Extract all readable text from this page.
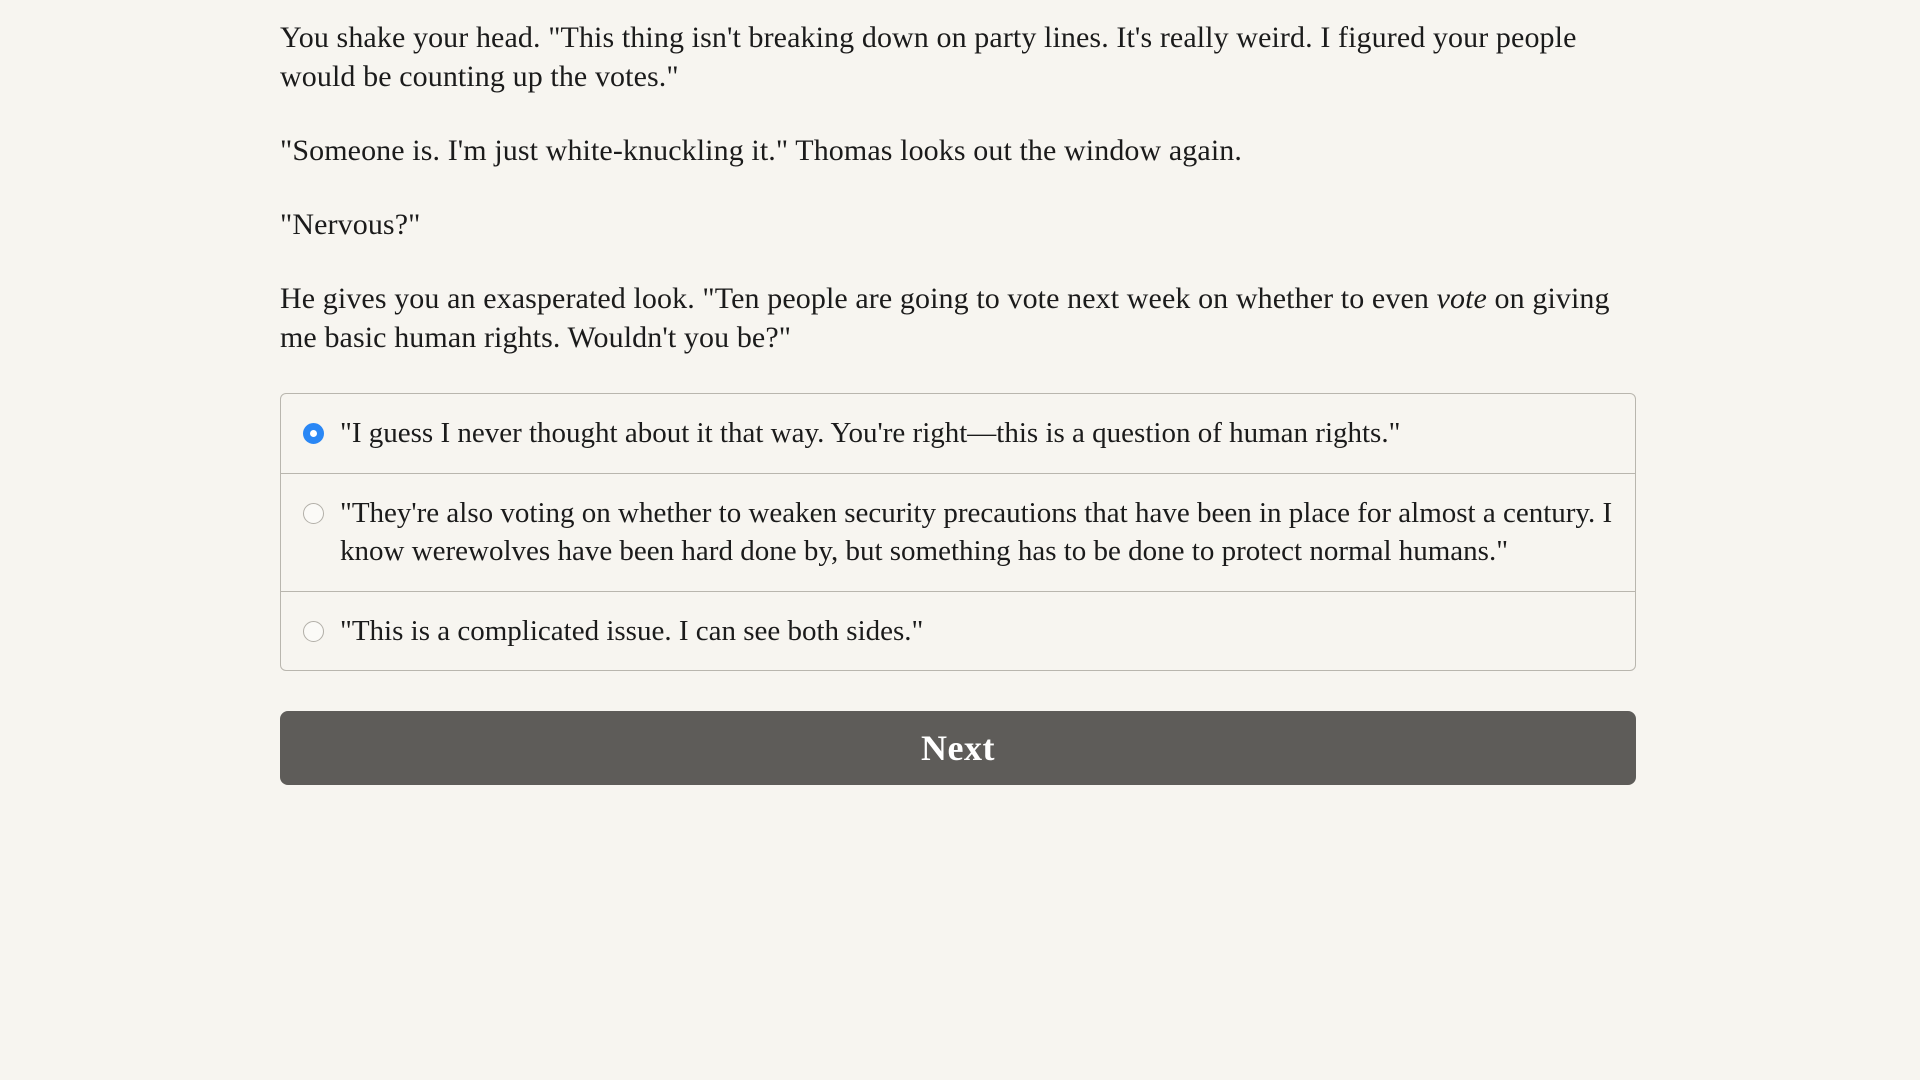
You shake your head. "This thing isn't breaking down on party lines. It's really weird. I figured your people would be counting up the votes."

"Someone is. I'm just white-knuckling it." Thomas looks out the window again.

"Nervous?"

He gives you an exasperated look. "Ten people are going to vote next week on whether to even vote on giving me basic human rights. Wouldn't you be?"

"I guess I never thought about it that way. You're right—this is a question of human rights."
"They're also voting on whether to weaken security precautions that have been in place for almost a century. I know werewolves have been hard done by, but something has to be done to protect normal humans."
"This is a complicated issue. I can see both sides."
Next
